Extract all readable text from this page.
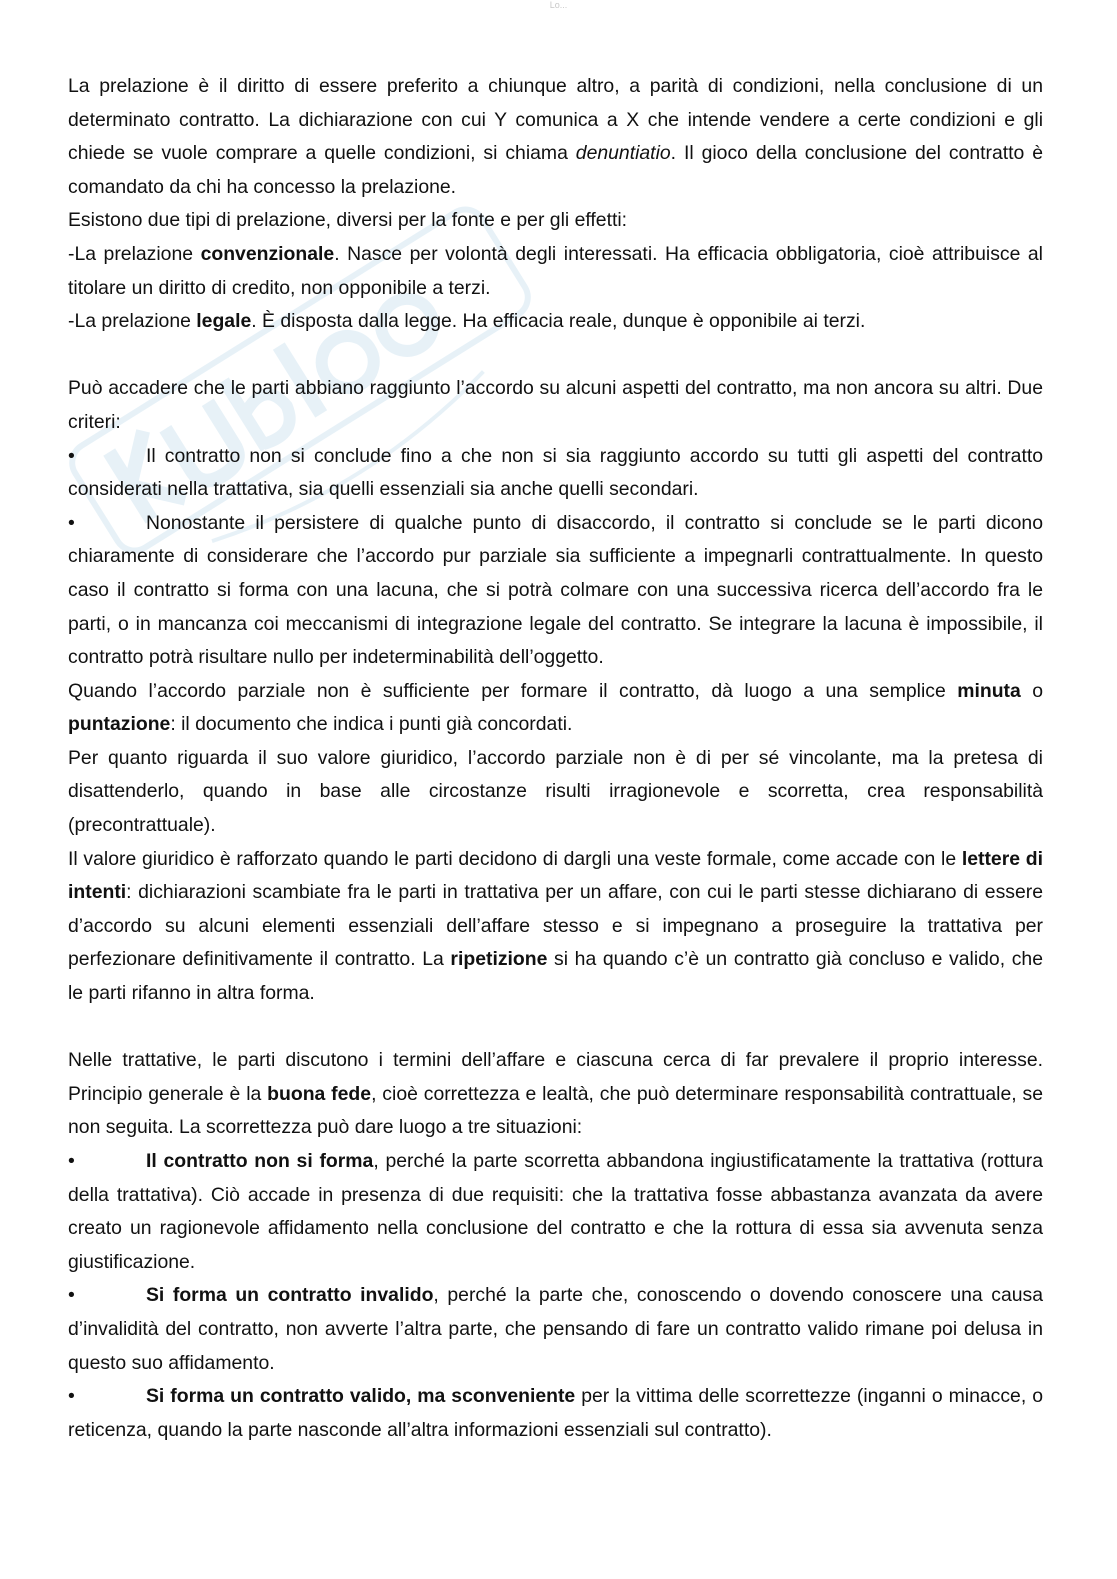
Lo...

La prelazione è il diritto di essere preferito a chiunque altro, a parità di condizioni, nella conclusione di un determinato contratto. La dichiarazione con cui Y comunica a X che intende vendere a certe condizioni e gli chiede se vuole comprare a quelle condizioni, si chiama denuntiatio. Il gioco della conclusione del contratto è comandato da chi ha concesso la prelazione.

Esistono due tipi di prelazione, diversi per la fonte e per gli effetti:

-La prelazione convenzionale. Nasce per volontà degli interessati. Ha efficacia obbligatoria, cioè attribuisce al titolare un diritto di credito, non opponibile a terzi.

-La prelazione legale. È disposta dalla legge. Ha efficacia reale, dunque è opponibile ai terzi.

Può accadere che le parti abbiano raggiunto l’accordo su alcuni aspetti del contratto, ma non ancora su altri. Due criteri:

•	Il contratto non si conclude fino a che non si sia raggiunto accordo su tutti gli aspetti del contratto considerati nella trattativa, sia quelli essenziali sia anche quelli secondari.

•	Nonostante il persistere di qualche punto di disaccordo, il contratto si conclude se le parti dicono chiaramente di considerare che l’accordo pur parziale sia sufficiente a impegnarli contrattualmente. In questo caso il contratto si forma con una lacuna, che si potrà colmare con una successiva ricerca dell’accordo fra le parti, o in mancanza coi meccanismi di integrazione legale del contratto. Se integrare la lacuna è impossibile, il contratto potrà risultare nullo per indeterminabilità dell’oggetto.

Quando l’accordo parziale non è sufficiente per formare il contratto, dà luogo a una semplice minuta o puntazione: il documento che indica i punti già concordati.

Per quanto riguarda il suo valore giuridico, l’accordo parziale non è di per sé vincolante, ma la pretesa di disattenderlo, quando in base alle circostanze risulti irragionevole e scorretta, crea responsabilità (precontrattuale).

Il valore giuridico è rafforzato quando le parti decidono di dargli una veste formale, come accade con le lettere di intenti: dichiarazioni scambiate fra le parti in trattativa per un affare, con cui le parti stesse dichiarano di essere d’accordo su alcuni elementi essenziali dell’affare stesso e si impegnano a proseguire la trattativa per perfezionare definitivamente il contratto. La ripetizione si ha quando c’è un contratto già concluso e valido, che le parti rifanno in altra forma.

Nelle trattative, le parti discutono i termini dell’affare e ciascuna cerca di far prevalere il proprio interesse. Principio generale è la buona fede, cioè correttezza e lealtà, che può determinare responsabilità contrattuale, se non seguita. La scorrettezza può dare luogo a tre situazioni:

•	Il contratto non si forma, perché la parte scorretta abbandona ingiustificatamente la trattativa (rottura della trattativa). Ciò accade in presenza di due requisiti: che la trattativa fosse abbastanza avanzata da avere creato un ragionevole affidamento nella conclusione del contratto e che la rottura di essa sia avvenuta senza giustificazione.

•	Si forma un contratto invalido, perché la parte che, conoscendo o dovendo conoscere una causa d’invalidità del contratto, non avverte l’altra parte, che pensando di fare un contratto valido rimane poi delusa in questo suo affidamento.

•	Si forma un contratto valido, ma sconveniente per la vittima delle scorrettezze (inganni o minacce, o reticenza, quando la parte nasconde all’altra informazioni essenziali sul contratto).
